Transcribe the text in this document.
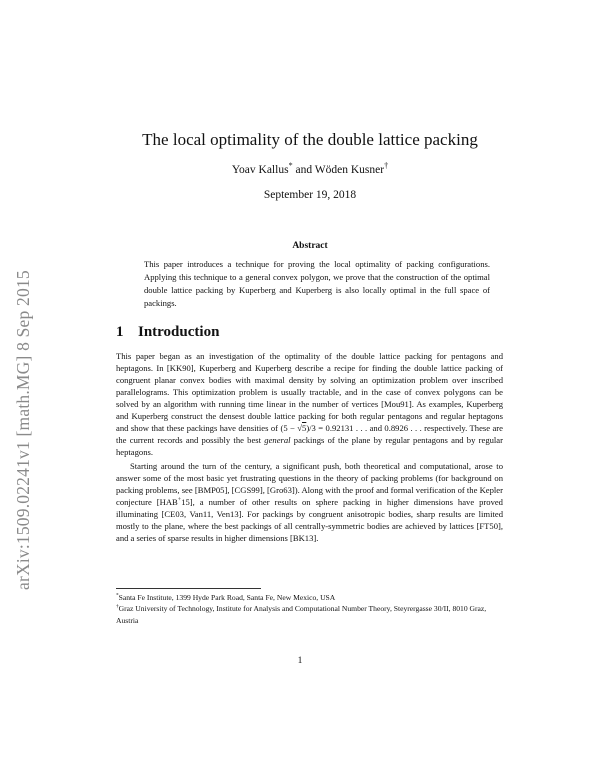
arXiv:1509.02241v1 [math.MG] 8 Sep 2015
The local optimality of the double lattice packing
Yoav Kallus* and Wöden Kusner†
September 19, 2018
Abstract
This paper introduces a technique for proving the local optimality of packing configurations. Applying this technique to a general convex polygon, we prove that the construction of the optimal double lattice packing by Kuperberg and Kuperberg is also locally optimal in the full space of packings.
1 Introduction
This paper began as an investigation of the optimality of the double lattice packing for pentagons and heptagons. In [KK90], Kuperberg and Kuperberg describe a recipe for finding the double lattice packing of congruent planar convex bodies with maximal density by solving an optimization problem over inscribed parallelograms. This optimization problem is usually tractable, and in the case of convex polygons can be solved by an algorithm with running time linear in the number of vertices [Mou91]. As examples, Kuperberg and Kuperberg construct the densest double lattice packing for both regular pentagons and regular heptagons and show that these packings have densities of (5 − √5)/3 = 0.92131 . . . and 0.8926 . . . respectively. These are the current records and possibly the best general packings of the plane by regular pentagons and by regular heptagons.
Starting around the turn of the century, a significant push, both theoretical and computational, arose to answer some of the most basic yet frustrating questions in the theory of packing problems (for background on packing problems, see [BMP05], [CGS99], [Gro63]). Along with the proof and formal verification of the Kepler conjecture [HAB+15], a number of other results on sphere packing in higher dimensions have proved illuminating [CE03, Van11, Ven13]. For packings by congruent anisotropic bodies, sharp results are limited mostly to the plane, where the best packings of all centrally-symmetric bodies are achieved by lattices [FT50], and a series of sparse results in higher dimensions [BK13].
*Santa Fe Institute, 1399 Hyde Park Road, Santa Fe, New Mexico, USA
†Graz University of Technology, Institute for Analysis and Computational Number Theory, Steyrergasse 30/II, 8010 Graz, Austria
1
